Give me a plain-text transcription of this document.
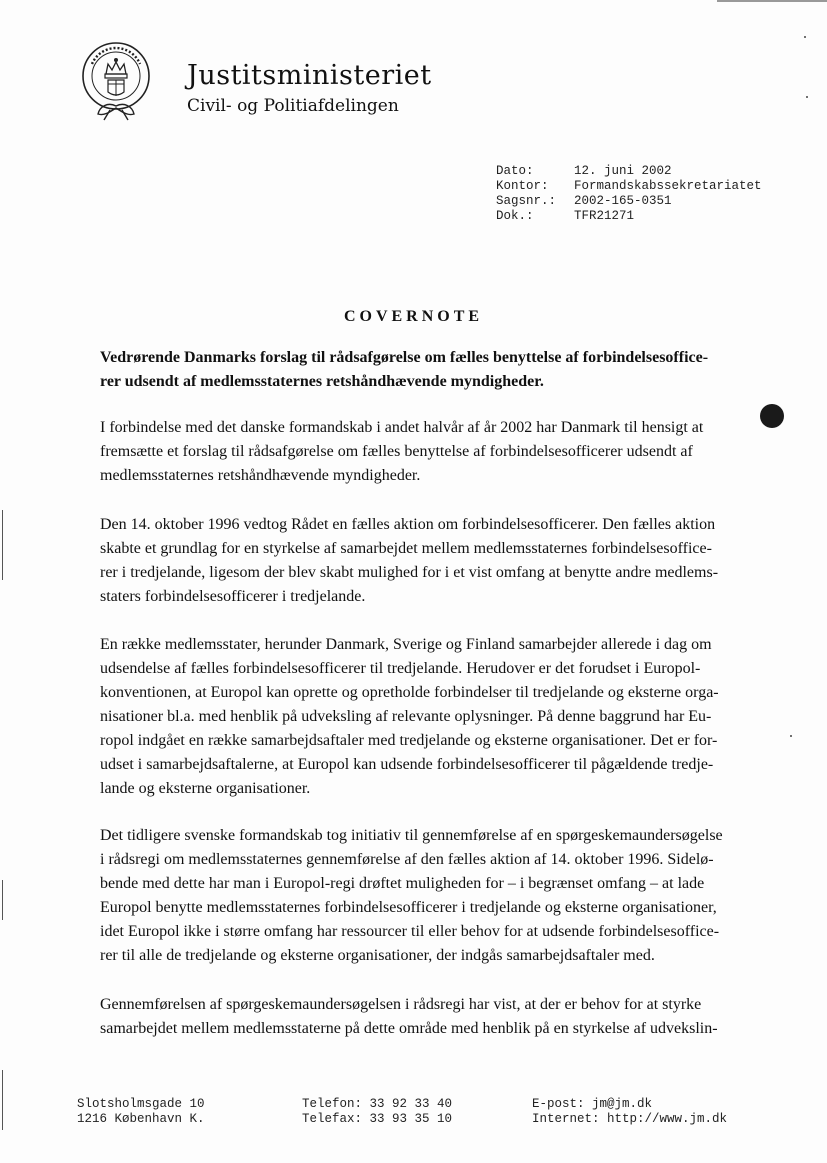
Justitsministeriet
Civil- og Politiafdelingen
Dato:	12. juni 2002
Kontor:	Formandskabssekretariatet
Sagsnr.:	2002-165-0351
Dok.:	TFR21271
COVERNOTE
Vedrørende Danmarks forslag til rådsafgørelse om fælles benyttelse af forbindelsesoffice-
rer udsendt af medlemsstaternes retshåndhævende myndigheder.
I forbindelse med det danske formandskab i andet halvår af år 2002 har Danmark til hensigt at
fremsætte et forslag til rådsafgørelse om fælles benyttelse af forbindelsesofficerer udsendt af
medlemsstaternes retshåndhævende myndigheder.
Den 14. oktober 1996 vedtog Rådet en fælles aktion om forbindelsesofficerer. Den fælles aktion
skabte et grundlag for en styrkelse af samarbejdet mellem medlemsstaternes forbindelsesoffice-
rer i tredjelande, ligesom der blev skabt mulighed for i et vist omfang at benytte andre medlems-
staters forbindelsesofficerer i tredjelande.
En række medlemsstater, herunder Danmark, Sverige og Finland samarbejder allerede i dag om
udsendelse af fælles forbindelsesofficerer til tredjelande. Herudover er det forudset i Europol-
konventionen, at Europol kan oprette og opretholde forbindelser til tredjelande og eksterne orga-
nisationer bl.a. med henblik på udveksling af relevante oplysninger. På denne baggrund har Eu-
ropol indgået en række samarbejdsaftaler med tredjelande og eksterne organisationer. Det er for-
udset i samarbejdsaftalerne, at Europol kan udsende forbindelsesofficerer til pågældende tredje-
lande og eksterne organisationer.
Det tidligere svenske formandskab tog initiativ til gennemførelse af en spørgeskemaundersøgelse
i rådsregi om medlemsstaternes gennemførelse af den fælles aktion af 14. oktober 1996. Sidelø-
bende med dette har man i Europol-regi drøftet muligheden for – i begrænset omfang – at lade
Europol benytte medlemsstaternes forbindelsesofficerer i tredjelande og eksterne organisationer,
idet Europol ikke i større omfang har ressourcer til eller behov for at udsende forbindelsesoffice-
rer til alle de tredjelande og eksterne organisationer, der indgås samarbejdsaftaler med.
Gennemførelsen af spørgeskemaundersøgelsen i rådsregi har vist, at der er behov for at styrke
samarbejdet mellem medlemsstaterne på dette område med henblik på en styrkelse af udvekslin-
Slotsholmsgade 10
1216 København K.
Telefon: 33 92 33 40
Telefax: 33 93 35 10
E-post: jm@jm.dk
Internet: http://www.jm.dk
